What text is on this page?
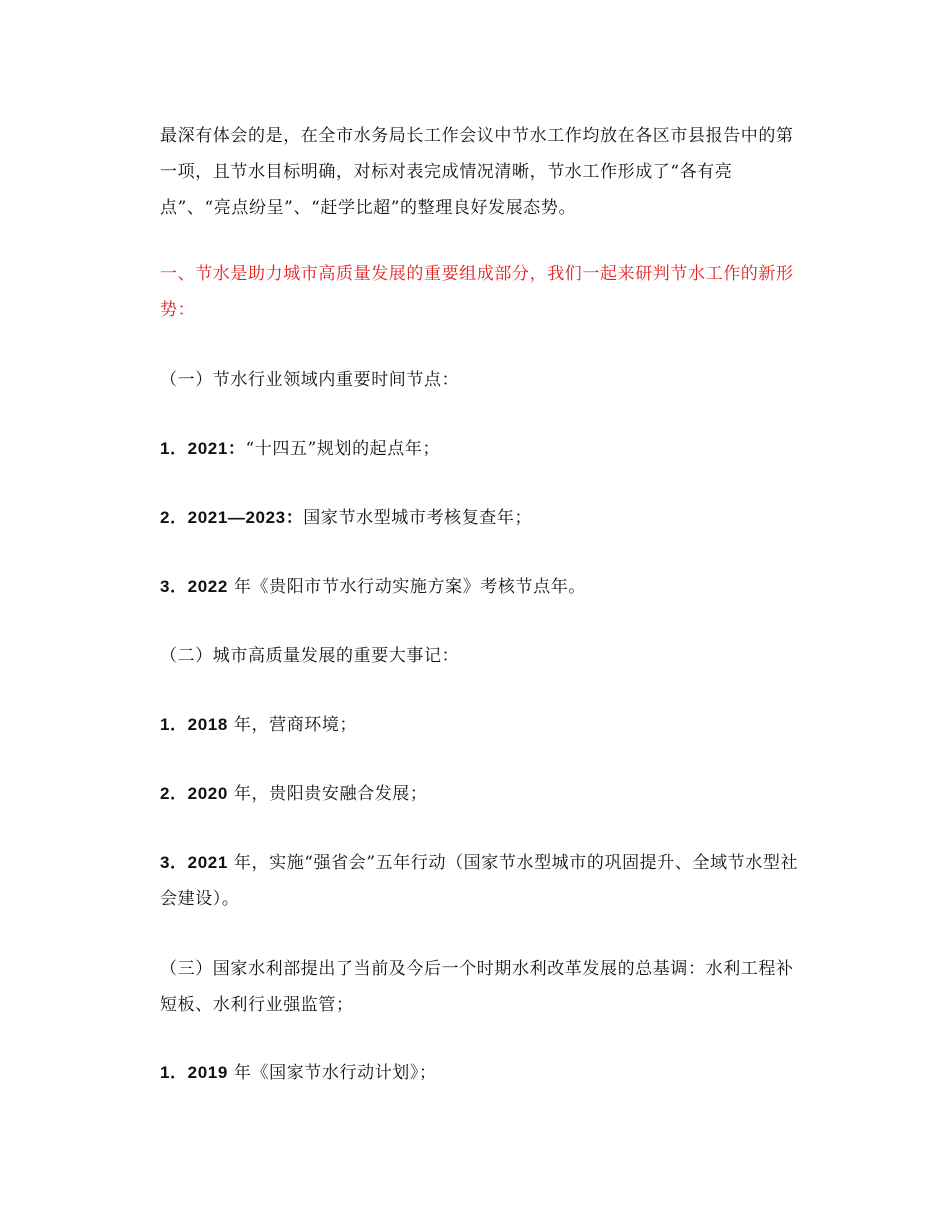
最深有体会的是，在全市水务局长工作会议中节水工作均放在各区市县报告中的第一项，且节水目标明确，对标对表完成情况清晰，节水工作形成了“各有亮点”、“亮点纷呈”、“赶学比超”的整理良好发展态势。
一、节水是助力城市高质量发展的重要组成部分，我们一起来研判节水工作的新形势：
（一）节水行业领域内重要时间节点：
1．2021：“十四五”规划的起点年；
2．2021—2023：国家节水型城市考核复查年；
3．2022 年《贵阳市节水行动实施方案》考核节点年。
（二）城市高质量发展的重要大事记：
1．2018 年，营商环境；
2．2020 年，贵阳贵安融合发展；
3．2021 年，实施“强省会”五年行动（国家节水型城市的巩固提升、全域节水型社会建设）。
（三）国家水利部提出了当前及今后一个时期水利改革发展的总基调：水利工程补短板、水利行业强监管；
1．2019 年《国家节水行动计划》；
